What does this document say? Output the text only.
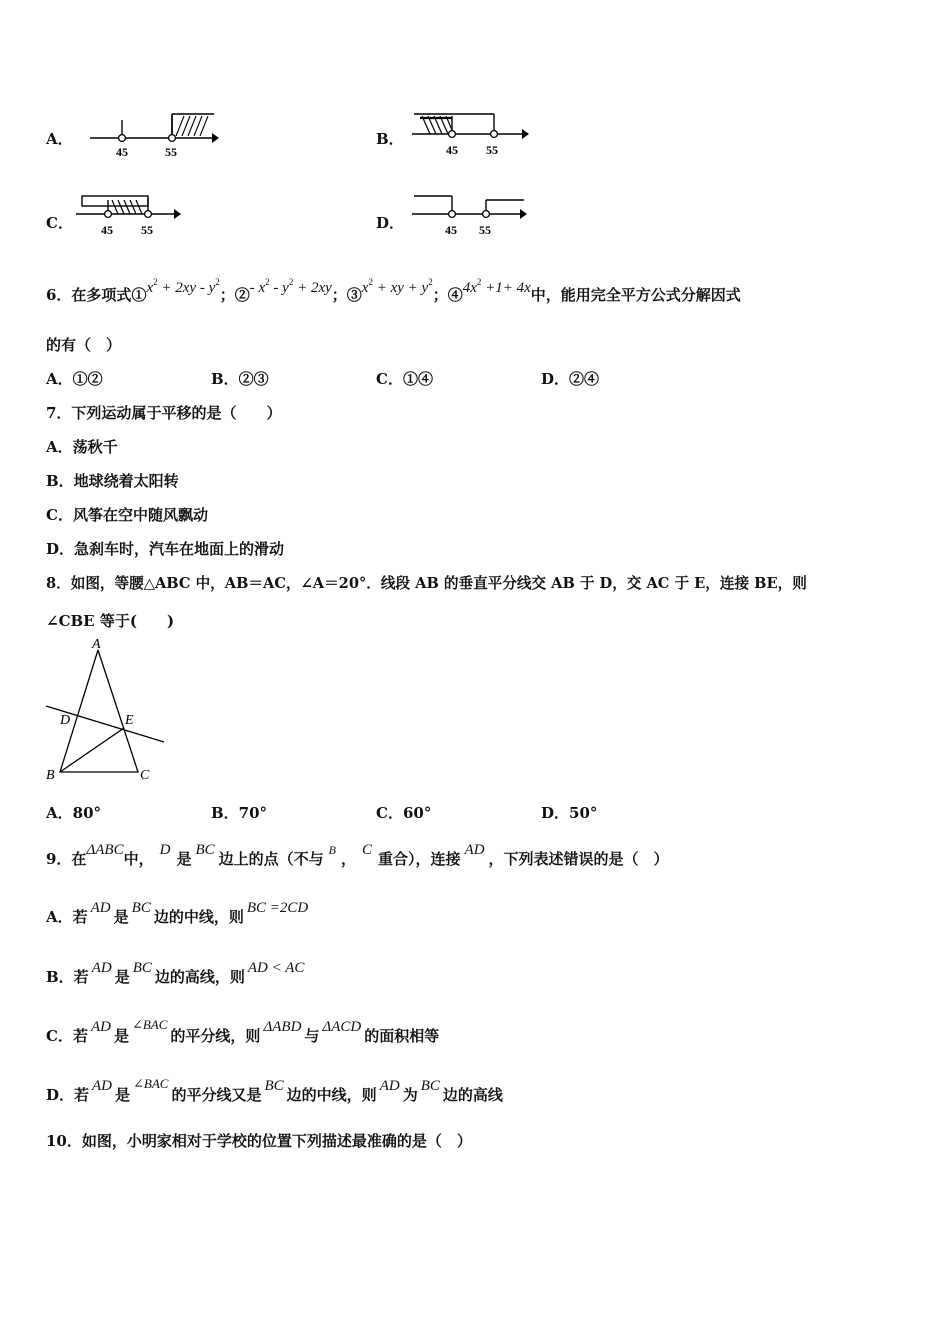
A．
45	55
B．
45 55
C． 45 55	D．	45 55
6．在多项式$①x^2 + 2xy - y^2$；②- $x^2 - y^2 + 2xy$；$③x^2$ + xy + $y^2$；$④4x^2 +1+ 4x$中，能用完全平方公式分解因式
的有（　）
A．①②	B．②③	C．①④	D．②④
7．下列运动属于平移的是（　　）
A．荡秋千
B．地球绕着太阳转
C．风筝在空中随风飘动
D．急刹车时，汽车在地面上的滑动
8．如图，等腰△ABC 中，AB＝AC，∠A＝20°．线段 AB 的垂直平分线交 AB 于 D，交 AC 于 E，连接 BE，则
∠CBE 等于(　　)
A
B	C
D	E
A．80°	B．70°	C．60°	D．50°
9．在ΔABC中， D 是 BC 边上的点（不与 $^B$ ， C 重合），连接 AD ，下列表述错误的是（　）
A．若 AD 是 BC 边的中线，则 BC =2CD
B．若 AD 是 BC 边的高线，则 AD < AC
C．若 AD 是∠BAC的平分线，则 ΔABD 与 ΔACD 的面积相等
D．若 AD 是∠BAC的平分线又是 BC 边的中线，则 AD 为 BC 边的高线
10．如图，小明家相对于学校的位置下列描述最准确的是（　）
